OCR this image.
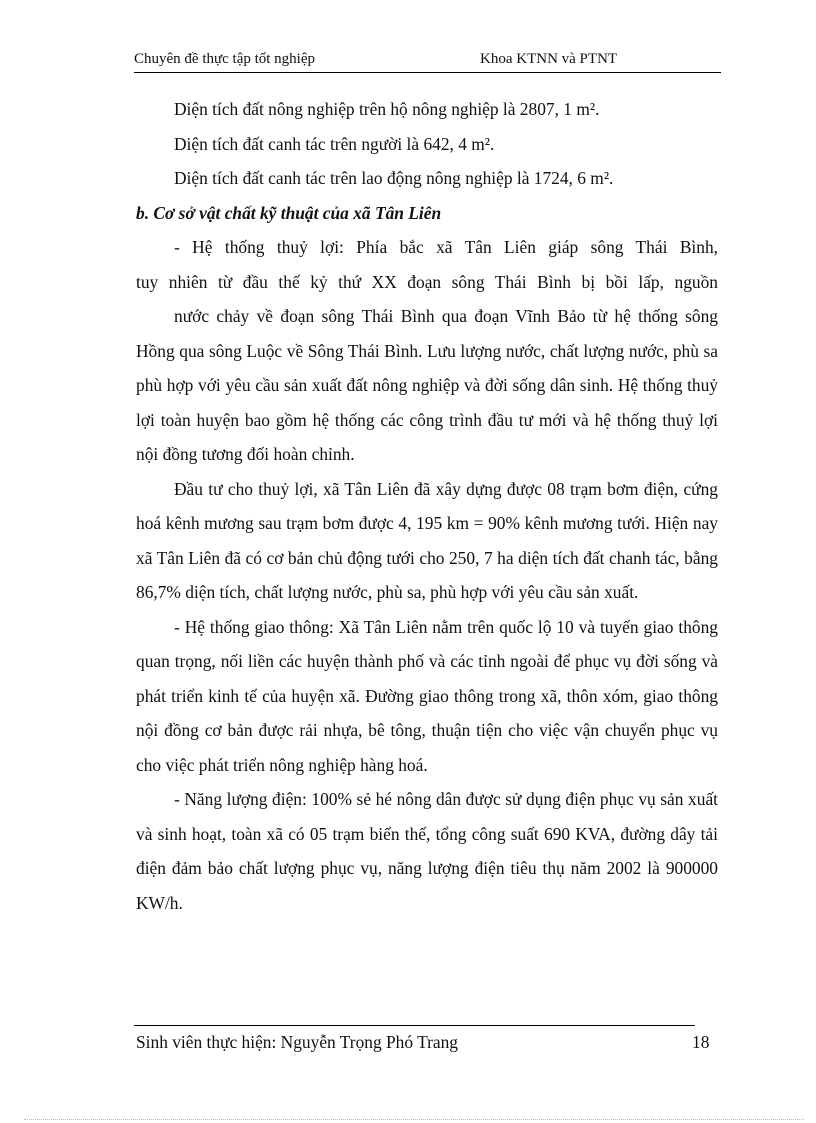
Chuyên đề thực tập tốt nghiệp	Khoa KTNN và PTNT

Diện tích đất nông nghiệp trên hộ nông nghiệp là 2807, 1 m².

Diện tích đất canh tác trên người là 642, 4 m².

Diện tích đất canh tác trên lao động nông nghiệp là 1724, 6 m².

b. Cơ sở vật chất kỹ thuật của xã Tân Liên

- Hệ thống thuỷ lợi: Phía bắc xã Tân Liên giáp sông Thái Bình,

tuy nhiên từ đầu thế kỷ thứ XX đoạn sông Thái Bình bị bồi lấp, nguồn

nước chảy về đoạn sông Thái Bình qua đoạn Vĩnh Bảo từ hệ thống sông Hồng qua sông Luộc về Sông Thái Bình. Lưu lượng nước, chất lượng nước, phù sa phù hợp với yêu cầu sản xuất đất nông nghiệp và đời sống dân sinh. Hệ thống thuỷ lợi toàn huyện bao gồm hệ thống các công trình đầu tư mới và hệ thống thuỷ lợi nội đồng tương đối hoàn chỉnh.

Đầu tư cho thuỷ lợi, xã Tân Liên đã xây dựng được 08 trạm bơm điện, cứng hoá kênh mương sau trạm bơm được 4, 195 km = 90% kênh mương tưới. Hiện nay xã Tân Liên đã có cơ bản chủ động tưới cho 250, 7 ha diện tích đất chanh tác, bằng 86,7% diện tích, chất lượng nước, phù sa, phù hợp với yêu cầu sản xuất.

- Hệ thống giao thông: Xã Tân Liên nằm trên quốc lộ 10 và tuyến giao thông quan trọng, nối liền các huyện thành phố và các tỉnh ngoài để phục vụ đời sống và phát triển kinh tế của huyện xã. Đường giao thông trong xã, thôn xóm, giao thông nội đồng cơ bản được rải nhựa, bê tông, thuận tiện cho việc vận chuyển phục vụ cho việc phát triển nông nghiệp hàng hoá.

- Năng lượng điện: 100% sẻ hé nông dân được sử dụng điện phục vụ sản xuất và sinh hoạt, toàn xã có 05 trạm biến thế, tổng công suất 690 KVA, đường dây tải điện đảm bảo chất lượng phục vụ, năng lượng điện tiêu thụ năm 2002 là 900000 KW/h.

Sinh viên thực hiện: Nguyễn Trọng Phó Trang	18
